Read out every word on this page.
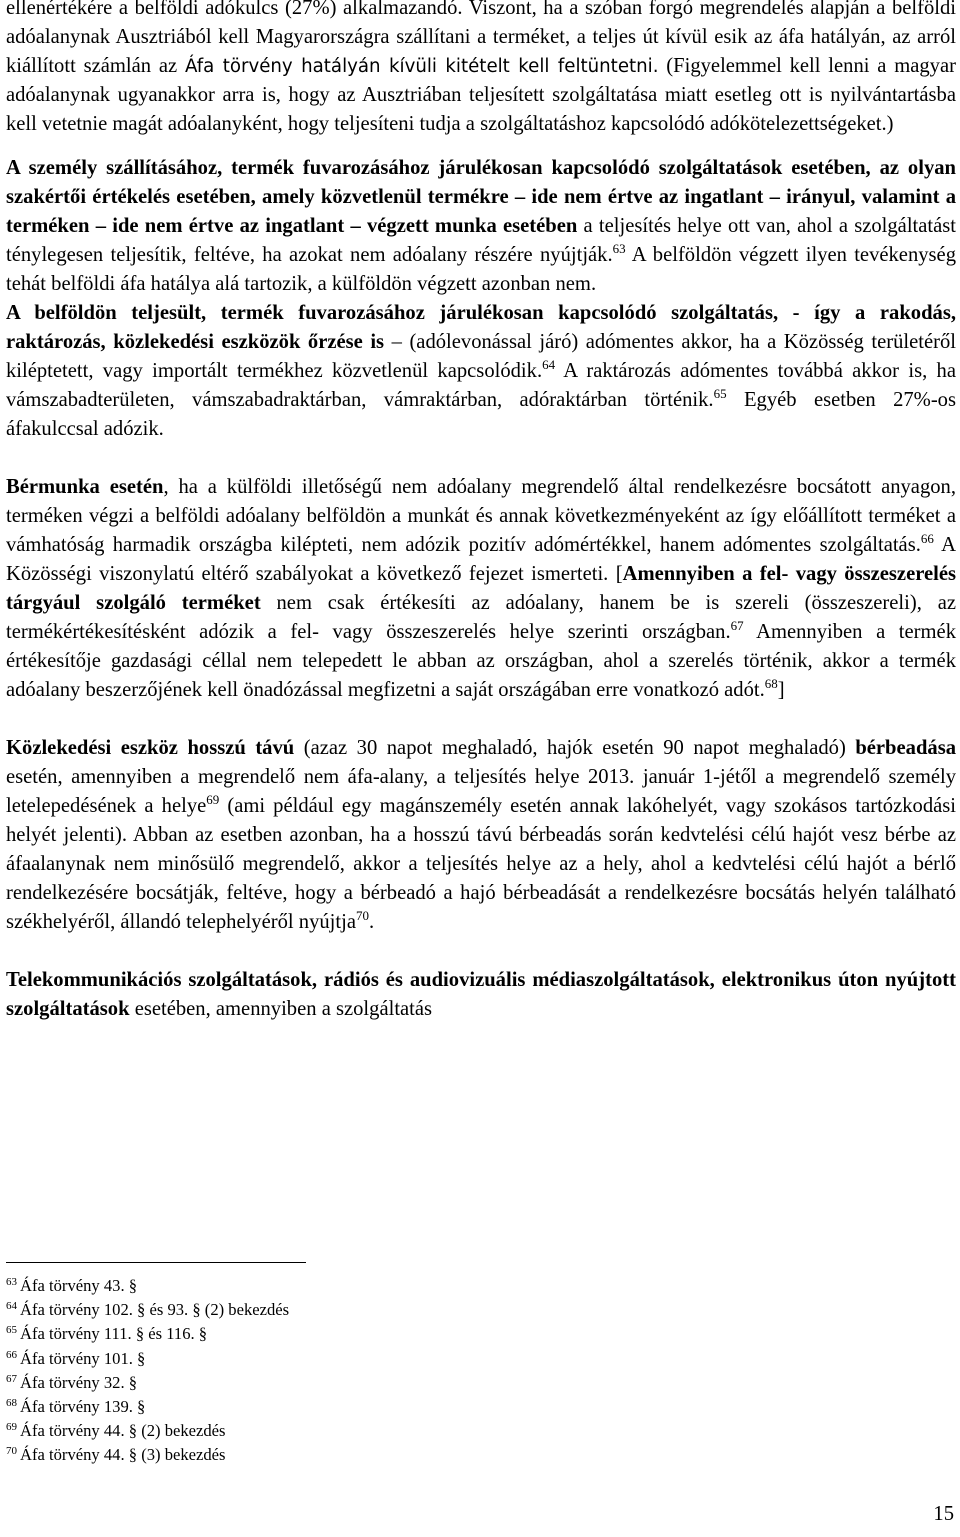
ellenértékére a belföldi adókulcs (27%) alkalmazandó. Viszont, ha a szóban forgó megrendelés alapján a belföldi adóalanynak Ausztriából kell Magyarországra szállítani a terméket, a teljes út kívül esik az áfa hatályán, az arról kiállított számlán az Áfa törvény hatályán kívüli kitételt kell feltüntetni. (Figyelemmel kell lenni a magyar adóalanynak ugyanakkor arra is, hogy az Ausztriában teljesített szolgáltatása miatt esetleg ott is nyilvántartásba kell vetetnie magát adóalanyként, hogy teljesíteni tudja a szolgáltatáshoz kapcsolódó adókötelezettségeket.)

A személy szállításához, termék fuvarozásához járulékosan kapcsolódó szolgáltatások esetében, az olyan szakértői értékelés esetében, amely közvetlenül termékre – ide nem értve az ingatlant – irányul, valamint a terméken – ide nem értve az ingatlant – végzett munka esetében a teljesítés helye ott van, ahol a szolgáltatást ténylegesen teljesítik, feltéve, ha azokat nem adóalany részére nyújtják.$^{63}$ A belföldön végzett ilyen tevékenység tehát belföldi áfa hatálya alá tartozik, a külföldön végzett azonban nem.

A belföldön teljesült, termék fuvarozásához járulékosan kapcsolódó szolgáltatás, - így a rakodás, raktározás, közlekedési eszközök őrzése is – (adólevonással járó) adómentes akkor, ha a Közösség területéről kiléptetett, vagy importált termékhez közvetlenül kapcsolódik.$^{64}$ A raktározás adómentes továbbá akkor is, ha vámszabadterületen, vámszabadraktárban, vámraktárban, adóraktárban történik.$^{65}$ Egyéb esetben 27%-os áfakulccsal adózik.

Bérmunka esetén, ha a külföldi illetőségű nem adóalany megrendelő által rendelkezésre bocsátott anyagon, terméken végzi a belföldi adóalany belföldön a munkát és annak következményeként az így előállított terméket a vámhatóság harmadik országba kilépteti, nem adózik pozitív adómértékkel, hanem adómentes szolgáltatás.$^{66}$ A Közösségi viszonylatú eltérő szabályokat a következő fejezet ismerteti. [Amennyiben a fel- vagy összeszerelés tárgyául szolgáló terméket nem csak értékesíti az adóalany, hanem be is szereli (összeszereli), az termékértékesítésként adózik a fel- vagy összeszerelés helye szerinti országban.$^{67}$ Amennyiben a termék értékesítője gazdasági céllal nem telepedett le abban az országban, ahol a szerelés történik, akkor a termék adóalany beszerzőjének kell önadózással megfizetni a saját országában erre vonatkozó adót.$^{68}$]

Közlekedési eszköz hosszú távú (azaz 30 napot meghaladó, hajók esetén 90 napot meghaladó) bérbeadása esetén, amennyiben a megrendelő nem áfa-alany, a teljesítés helye 2013. január 1-jétől a megrendelő személy letelepedésének a helye$^{69}$ (ami például egy magánszemély esetén annak lakóhelyét, vagy szokásos tartózkodási helyét jelenti). Abban az esetben azonban, ha a hosszú távú bérbeadás során kedvtelési célú hajót vesz bérbe az áfaalanynak nem minősülő megrendelő, akkor a teljesítés helye az a hely, ahol a kedvtelési célú hajót a bérlő rendelkezésére bocsátják, feltéve, hogy a bérbeadó a hajó bérbeadását a rendelkezésre bocsátás helyén található székhelyéről, állandó telephelyéről nyújtja$^{70}$.

Telekommunikációs szolgáltatások, rádiós és audiovizuális médiaszolgáltatások, elektronikus úton nyújtott szolgáltatások esetében, amennyiben a szolgáltatás

$^{63}$ Áfa törvény 43. §
$^{64}$ Áfa törvény 102. § és 93. § (2) bekezdés
$^{65}$ Áfa törvény 111. § és 116. §
$^{66}$ Áfa törvény 101. §
$^{67}$ Áfa törvény 32. §
$^{68}$ Áfa törvény 139. §
$^{69}$ Áfa törvény 44. § (2) bekezdés
$^{70}$ Áfa törvény 44. § (3) bekezdés
15
